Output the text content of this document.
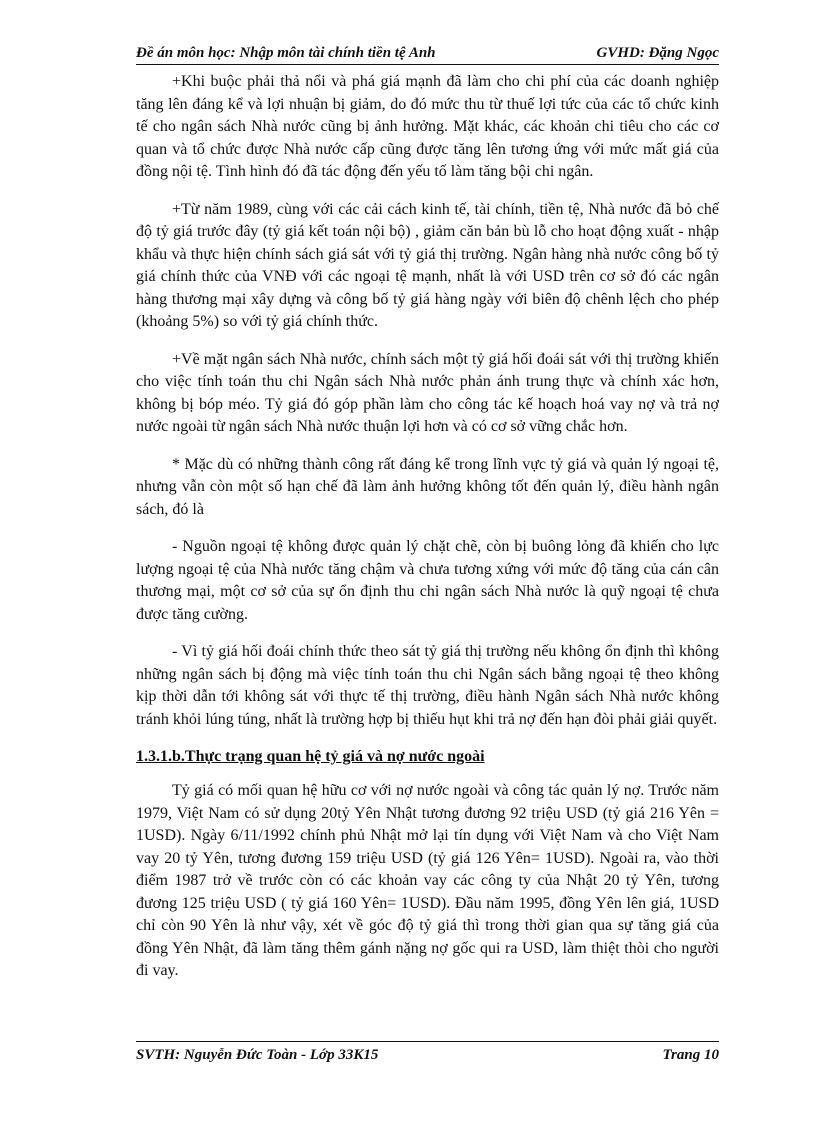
Đề án môn học: Nhập môn tài chính tiền tệ Anh	GVHD: Đặng Ngọc

+Khi buộc phải thả nổi và phá giá mạnh đã làm cho chi phí của các doanh nghiệp tăng lên đáng kể và lợi nhuận bị giảm, do đó mức thu từ thuế lợi tức của các tổ chức kinh tế cho ngân sách Nhà nước cũng bị ảnh hưởng. Mặt khác, các khoản chi tiêu cho các cơ quan và tổ chức được Nhà nước cấp cũng được tăng lên tương ứng với mức mất giá của đồng nội tệ. Tình hình đó đã tác động đến yếu tố làm tăng bội chi ngân.

+Từ năm 1989, cùng với các cải cách kinh tế, tài chính, tiền tệ, Nhà nước đã bỏ chế độ tỷ giá trước đây (tỷ giá kết toán nội bộ) , giảm căn bản bù lỗ cho hoạt động xuất - nhập khẩu và thực hiện chính sách giá sát với tỷ giá thị trường. Ngân hàng nhà nước công bố tỷ giá chính thức của VNĐ với các ngoại tệ mạnh, nhất là với USD trên cơ sở đó các ngân hàng thương mại xây dựng và công bố tỷ giá hàng ngày với biên độ chênh lệch cho phép (khoảng 5%) so với tỷ giá chính thức.

+Về mặt ngân sách Nhà nước, chính sách một tỷ giá hối đoái sát với thị trường khiến cho việc tính toán thu chi Ngân sách Nhà nước phản ánh trung thực và chính xác hơn, không bị bóp méo. Tỷ giá đó góp phần làm cho công tác kế hoạch hoá vay nợ và trả nợ nước ngoài từ ngân sách Nhà nước thuận lợi hơn và có cơ sở vững chắc hơn.

* Mặc dù có những thành công rất đáng kể trong lĩnh vực tỷ giá và quản lý ngoại tệ, nhưng vẫn còn một số hạn chế đã làm ảnh hưởng không tốt đến quản lý, điều hành ngân sách, đó là

- Nguồn ngoại tệ không được quản lý chặt chẽ, còn bị buông lỏng đã khiến cho lực lượng ngoại tệ của Nhà nước tăng chậm và chưa tương xứng với mức độ tăng của cán cân thương mại, một cơ sở của sự ổn định thu chi ngân sách Nhà nước là quỹ ngoại tệ chưa được tăng cường.

- Vì tỷ giá hối đoái chính thức theo sát tỷ giá thị trường nếu không ổn định thì không những ngân sách bị động mà việc tính toán thu chi Ngân sách bằng ngoại tệ theo không kịp thời dẫn tới không sát với thực tế thị trường, điều hành Ngân sách Nhà nước không tránh khỏi lúng túng, nhất là trường hợp bị thiếu hụt khi trả nợ đến hạn đòi phải giải quyết.

1.3.1.b.Thực trạng quan hệ tỷ giá và nợ nước ngoài

Tỷ giá có mối quan hệ hữu cơ với nợ nước ngoài và công tác quản lý nợ. Trước năm 1979, Việt Nam có sử dụng 20tỷ Yên Nhật tương đương 92 triệu USD (tỷ giá 216 Yên = 1USD). Ngày 6/11/1992 chính phủ Nhật mở lại tín dụng với Việt Nam và cho Việt Nam vay 20 tỷ Yên, tương đương 159 triệu USD (tỷ giá 126 Yên= 1USD). Ngoài ra, vào thời điểm 1987 trở về trước còn có các khoản vay các công ty của Nhật 20 tỷ Yên, tương đương 125 triệu USD ( tỷ giá 160 Yên= 1USD). Đầu năm 1995, đồng Yên lên giá, 1USD chỉ còn 90 Yên là như vậy, xét về góc độ tỷ giá thì trong thời gian qua sự tăng giá của đồng Yên Nhật, đã làm tăng thêm gánh nặng nợ gốc qui ra USD, làm thiệt thòi cho người đi vay.

SVTH: Nguyễn Đức Toàn - Lớp 33K15	Trang 10
